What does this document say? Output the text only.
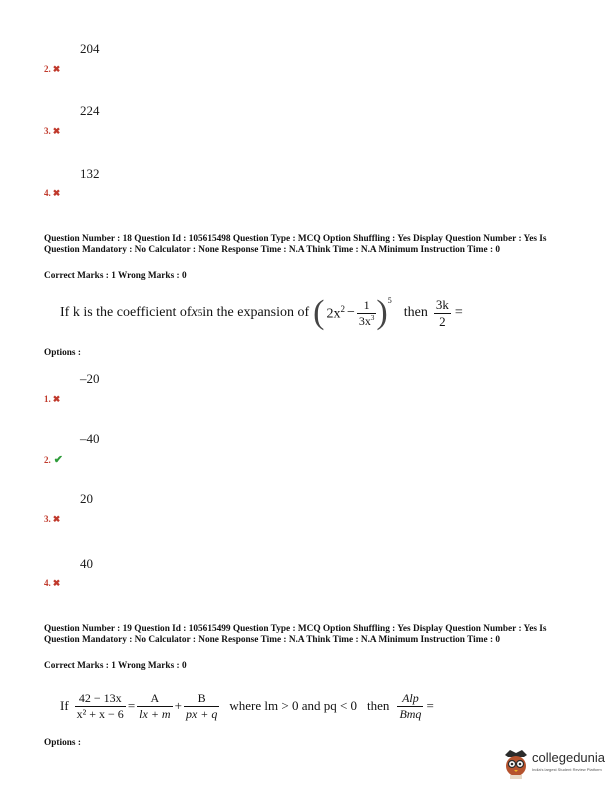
204
2. ✖
224
3. ✖
132
4. ✖
Question Number : 18 Question Id : 105615498 Question Type : MCQ Option Shuffling : Yes Display Question Number : Yes Is Question Mandatory : No Calculator : None Response Time : N.A Think Time : N.A Minimum Instruction Time : 0
Correct Marks : 1 Wrong Marks : 0
If k is the coefficient of x 5 in the expansion of ( $2x^2 - \frac{1}{3x^3} )^5$
then $\frac{3k}{2}$ =
Options :
–20
1. ✖
–40
2. ✔
20
3. ✖
40
4. ✖
Question Number : 19 Question Id : 105615499 Question Type : MCQ Option Shuffling : Yes Display Question Number : Yes Is Question Mandatory : No Calculator : None Response Time : N.A Think Time : N.A Minimum Instruction Time : 0
Correct Marks : 1 Wrong Marks : 0
If $\frac{42 - 13x}{\text{x² + x − 6}} = \frac{A}{lx + m} + \frac{B}{px + q}$ where lm > 0 and pq < 0 then $\frac{\text{Alp}}{\text{Bmq}}$ =
Options :
collegedunia
India's largest Student Review Platform
